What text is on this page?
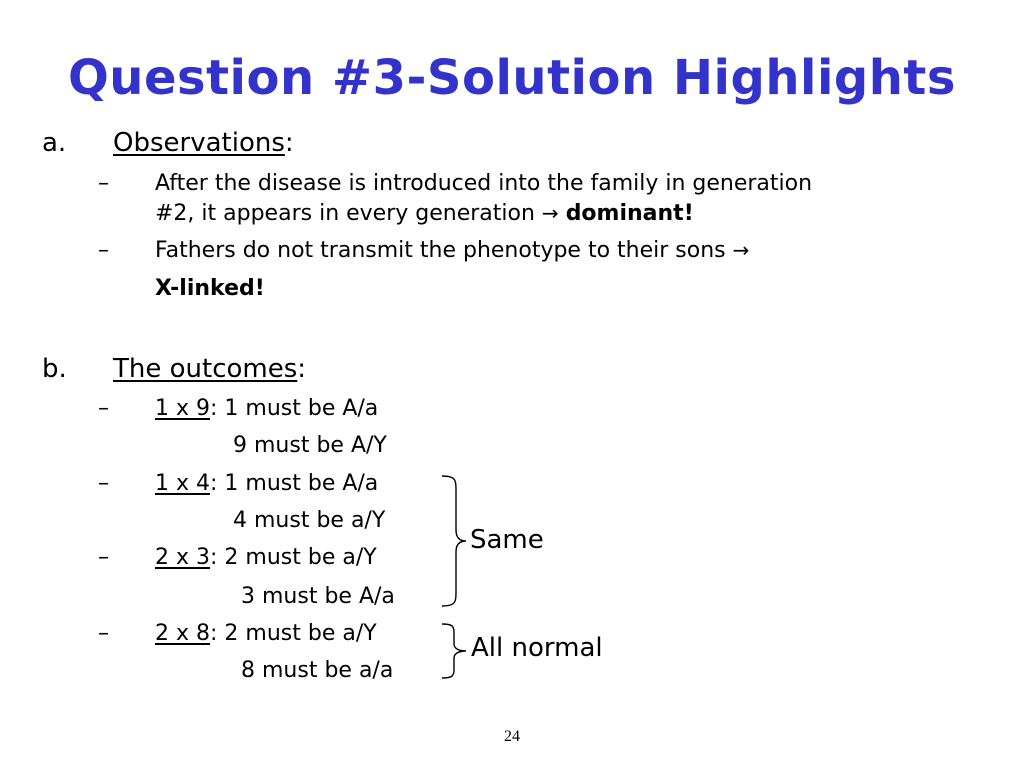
Question #3-Solution Highlights
a. Observations:
– After the disease is introduced into the family in generation
#2, it appears in every generation → dominant!
– Fathers do not transmit the phenotype to their sons →
X-linked!
b. The outcomes:
– 1 x 9: 1 must be A/a
9 must be A/Y
– 1 x 4: 1 must be A/a
4 must be a/Y
– 2 x 3: 2 must be a/Y
3 must be A/a
– 2 x 8: 2 must be a/Y
8 must be a/a
Same
All normal
24
